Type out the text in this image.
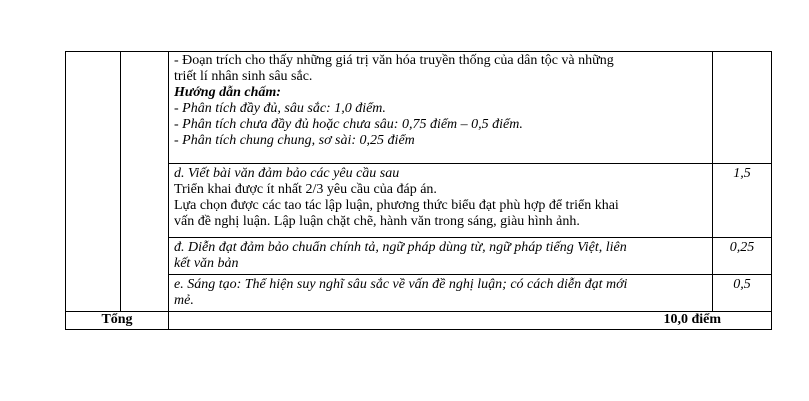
- Đoạn trích cho thấy những giá trị văn hóa truyền thống của dân tộc và những
triết lí nhân sinh sâu sắc.
Hướng dẫn chấm:
- Phân tích đầy đủ, sâu sắc: 1,0 điểm.
- Phân tích chưa đầy đủ hoặc chưa sâu: 0,75 điểm – 0,5 điểm.
- Phân tích chung chung, sơ sài: 0,25 điểm

		d. Viết bài văn đảm bảo các yêu cầu sau
Triển khai được ít nhất 2/3 yêu cầu của đáp án.
Lựa chọn được các tao tác lập luận, phương thức biểu đạt phù hợp để triển khai
vấn đề nghị luận. Lập luận chặt chẽ, hành văn trong sáng, giàu hình ảnh.	1,5

		đ. Diễn đạt đảm bảo chuẩn chính tả, ngữ pháp dùng từ, ngữ pháp tiếng Việt, liên
kết văn bản	0,25

		e. Sáng tạo: Thể hiện suy nghĩ sâu sắc về vấn đề nghị luận; có cách diễn đạt mới
mẻ.	0,5
Tổng		10,0 điểm	
